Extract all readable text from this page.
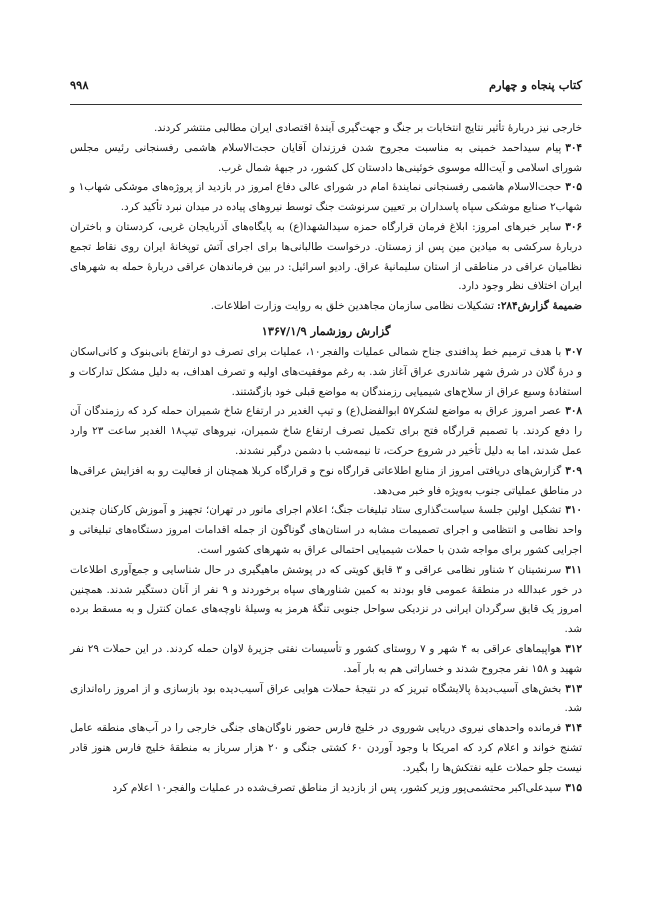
کتاب پنجاه و چهارم
۹۹۸
خارجی نیز دربارهٔ تأثیر نتایج انتخابات بر جنگ و جهت‌گیری آیندهٔ اقتصادی ایران مطالبی منتشر کردند.
۳۰۴پیام سیداحمد خمینی به مناسبت مجروح شدن فرزندان آقایان حجت‌الاسلام هاشمی رفسنجانی رئیس مجلس شورای اسلامی و آیت‌الله موسوی خوئینی‌ها دادستان کل کشور، در جبههٔ شمال غرب.
۳۰۵حجت‌الاسلام هاشمی رفسنجانی نمایندهٔ امام در شورای عالی دفاع امروز در بازدید از پروژه‌های موشکی شهاب۱ و شهاب۲ صنایع موشکی سپاه پاسداران بر تعیین سرنوشت جنگ توسط نیروهای پیاده در میدان نبرد تأکید کرد.
۳۰۶سایر خبرهای امروز: ابلاغ فرمان قرارگاه حمزه سیدالشهدا(ع) به پایگاه‌های آذربایجان غربی، کردستان و باختران دربارهٔ سرکشی به میادین مین پس از زمستان. درخواست طالبانی‌ها برای اجرای آتش توپخانهٔ ایران روی نقاط تجمع نظامیان عراقی در مناطقی از استان سلیمانیهٔ عراق. رادیو اسرائیل: در بین فرماندهان عراقی دربارهٔ حمله به شهرهای ایران اختلاف نظر وجود دارد.
ضمیمهٔ گزارش۲۸۴:تشکیلات نظامی سازمان مجاهدین خلق به روایت وزارت اطلاعات.
گزارش روزشمار ۱۳۶۷/۱/۹
۳۰۷با هدف ترمیم خط پدافندی جناح شمالی عملیات والفجر۱۰، عملیات برای تصرف دو ارتفاع بانی‌بنوک و کانی‌اسکان و درهٔ گلان در شرق شهر شاندری عراق آغاز شد. به رغم موفقیت‌های اولیه و تصرف اهداف، به دلیل مشکل تدارکات و استفادهٔ وسیع عراق از سلاح‌های شیمیایی رزمندگان به مواضع قبلی خود بازگشتند.
۳۰۸عصر امروز عراق به مواضع لشکر۵۷ ابوالفضل(ع) و تیپ الغدیر در ارتفاع شاخ شمیران حمله کرد که رزمندگان آن را دفع کردند. با تصمیم قرارگاه فتح برای تکمیل تصرف ارتفاع شاخ شمیران، نیروهای تیپ۱۸ الغدیر ساعت ۲۳ وارد عمل شدند، اما به دلیل تأخیر در شروع حرکت، تا نیمه‌شب با دشمن درگیر نشدند.
۳۰۹گزارش‌های دریافتی امروز از منابع اطلاعاتی قرارگاه نوح و قرارگاه کربلا همچنان از فعالیت رو به افزایش عراقی‌ها در مناطق عملیاتی جنوب به‌ویژه فاو خبر می‌دهد.
۳۱۰تشکیل اولین جلسهٔ سیاست‌گذاری ستاد تبلیغات جنگ؛ اعلام اجرای مانور در تهران؛ تجهیز و آموزش کارکنان چندین واحد نظامی و انتظامی و اجرای تصمیمات مشابه در استان‌های گوناگون از جمله اقدامات امروز دستگاه‌های تبلیغاتی و اجرایی کشور برای مواجه شدن با حملات شیمیایی احتمالی عراق به شهرهای کشور است.
۳۱۱سرنشینان ۲ شناور نظامی عراقی و ۳ قایق کویتی که در پوشش ماهیگیری در حال شناسایی و جمع‌آوری اطلاعات در خور عبدالله در منطقهٔ عمومی فاو بودند به کمین شناورهای سپاه برخوردند و ۹ نفر از آنان دستگیر شدند. همچنین امروز یک قایق سرگردان ایرانی در نزدیکی سواحل جنوبی تنگهٔ هرمز به وسیلهٔ ناوچه‌های عمان کنترل و به مسقط برده شد.
۳۱۲هواپیماهای عراقی به ۴ شهر و ۷ روستای کشور و تأسیسات نفتی جزیرهٔ لاوان حمله کردند. در این حملات ۲۹ نفر شهید و ۱۵۸ نفر مجروح شدند و خساراتی هم به بار آمد.
۳۱۳بخش‌های آسیب‌دیدهٔ پالایشگاه تبریز که در نتیجهٔ حملات هوایی عراق آسیب‌دیده بود بازسازی و از امروز راه‌اندازی شد.
۳۱۴فرمانده واحدهای نیروی دریایی شوروی در خلیج فارس حضور ناوگان‌های جنگی خارجی را در آب‌های منطقه عامل تشنج خواند و اعلام کرد که امریکا با وجود آوردن ۶۰ کشتی جنگی و ۲۰ هزار سرباز به منطقهٔ خلیج فارس هنوز قادر نیست جلو حملات علیه نفتکش‌ها را بگیرد.
۳۱۵سیدعلی‌اکبر محتشمی‌پور وزیر کشور، پس از بازدید از مناطق تصرف‌شده در عملیات والفجر۱۰ اعلام کرد
